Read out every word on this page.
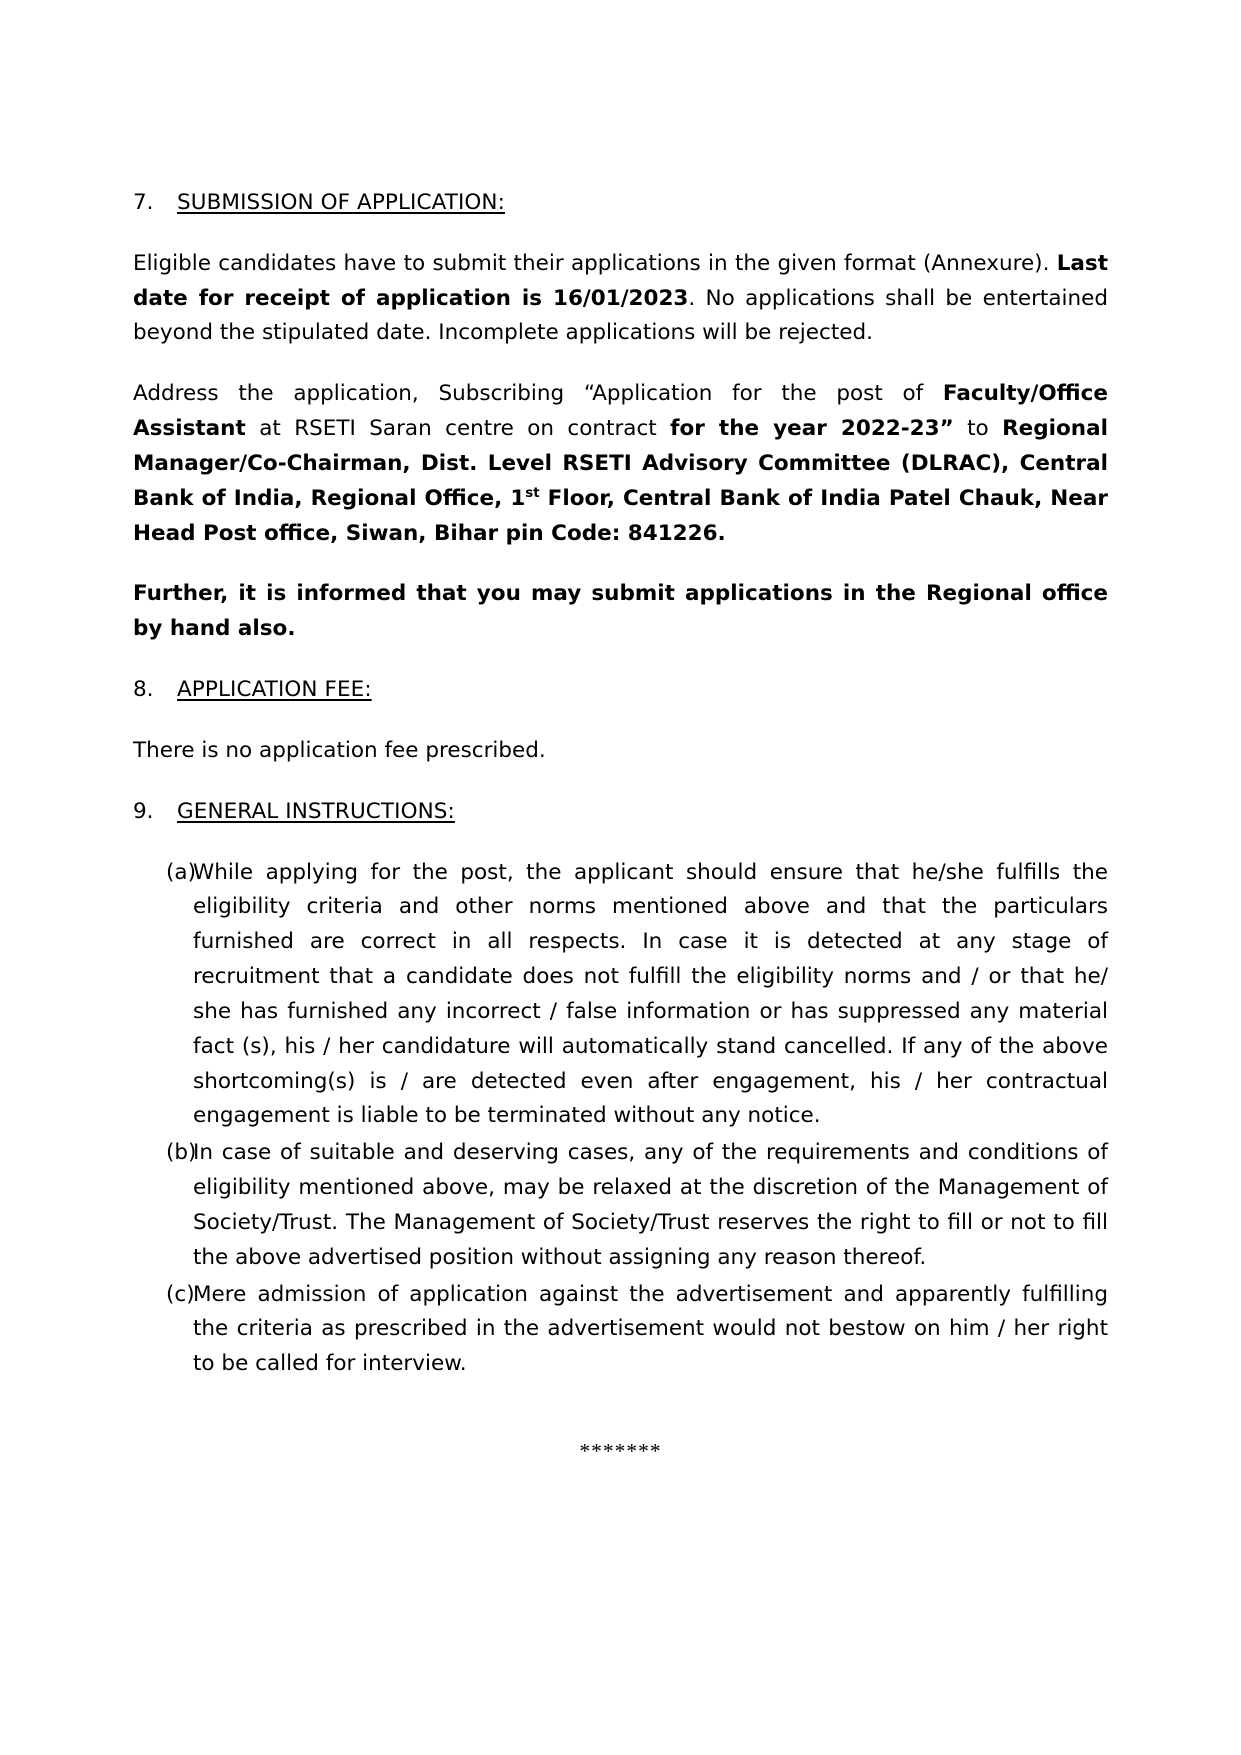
7.	SUBMISSION OF APPLICATION:

Eligible candidates have to submit their applications in the given format (Annexure). Last date for receipt of application is 16/01/2023. No applications shall be entertained beyond the stipulated date. Incomplete applications will be rejected.

Address the application, Subscribing “Application for the post of Faculty/Office Assistant at RSETI Saran centre on contract for the year 2022-23” to Regional Manager/Co-Chairman, Dist. Level RSETI Advisory Committee (DLRAC), Central Bank of India, Regional Office, 1st Floor, Central Bank of India Patel Chauk, Near Head Post office, Siwan, Bihar pin Code: 841226.

Further, it is informed that you may submit applications in the Regional office by hand also.

8.	APPLICATION FEE:

There is no application fee prescribed.

9.	GENERAL INSTRUCTIONS:
(a)
While applying for the post, the applicant should ensure that he/she fulfills the eligibility criteria and other norms mentioned above and that the particulars furnished are correct in all respects. In case it is detected at any stage of recruitment that a candidate does not fulfill the eligibility norms and / or that he/ she has furnished any incorrect / false information or has suppressed any material fact (s), his / her candidature will automatically stand cancelled. If any of the above shortcoming(s) is / are detected even after engagement, his / her contractual engagement is liable to be terminated without any notice.
(b)
In case of suitable and deserving cases, any of the requirements and conditions of eligibility mentioned above, may be relaxed at the discretion of the Management of Society/Trust. The Management of Society/Trust reserves the right to fill or not to fill the above advertised position without assigning any reason thereof.
(c)
Mere admission of application against the advertisement and apparently fulfilling the criteria as prescribed in the advertisement would not bestow on him / her right to be called for interview.
*******
